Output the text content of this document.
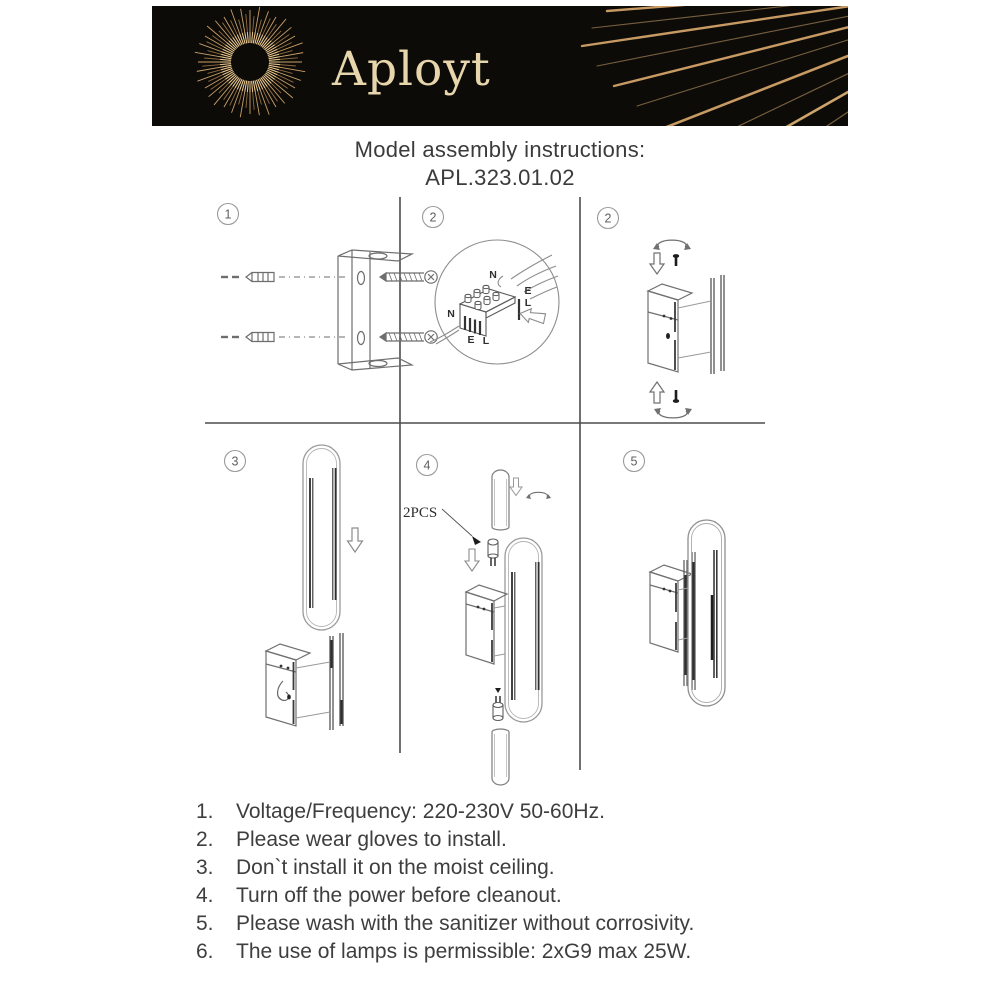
Aployt
Model assembly instructions:
APL.323.01.02
1	2	2
3	4	5
N
E
L
N
E L
2PCS
1.	Voltage/Frequency: 220-230V 50-60Hz.
2.	Please wear gloves to install.
3.	Don`t install it on the moist ceiling.
4.	Turn off the power before cleanout.
5.	Please wash with the sanitizer without corrosivity.
6.	The use of lamps is permissible: 2xG9 max 25W.
